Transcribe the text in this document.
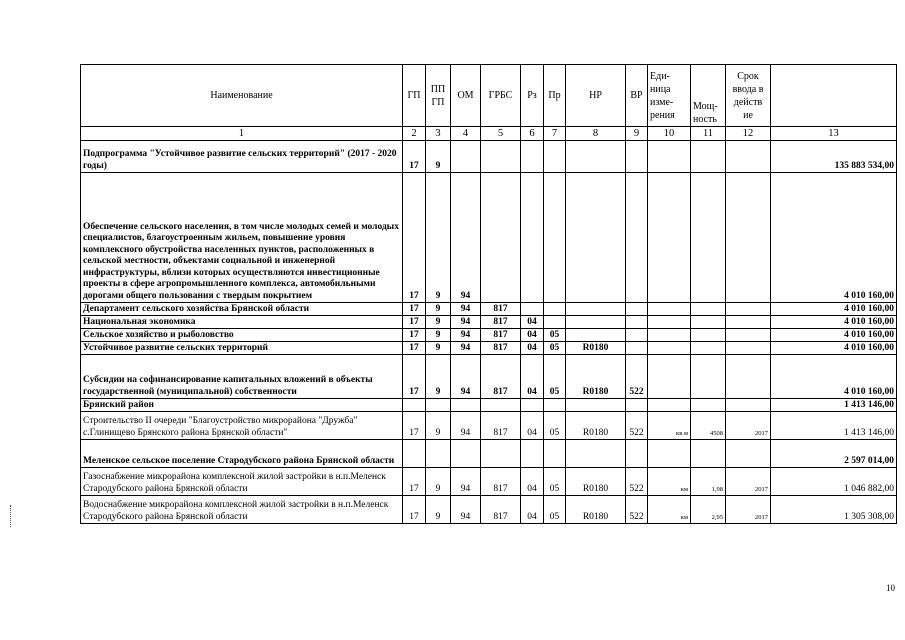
Наименование	ГП	ПП ГП	ОМ	ГРБС	Рз	Пр	НР	ВР	Еди-ница изме-рения	Мощ-ность	Срок ввода в действ ие	
1	2	3	4	5	6	7	8	9	10	11	12	13
Подпрограмма "Устойчивое развитие сельских территорий" (2017 - 2020 годы)	17	9										135 883 534,00
Обеспечение сельского населения, в том числе молодых семей и молодых специалистов, благоустроенным жильем, повышение уровня комплексного обустройства населенных пунктов, расположенных в сельской местности, объектами социальной и инженерной инфраструктуры, вблизи которых осуществляются инвестиционные проекты в сфере агропромышленного комплекса, автомобильными дорогами общего пользования с твердым покрытием	17	9	94									4 010 160,00
Департамент сельского хозяйства Брянской области	17	9	94	817								4 010 160,00
Национальная экономика	17	9	94	817	04							4 010 160,00
Сельское хозяйство и рыболовство	17	9	94	817	04	05						4 010 160,00
Устойчивое развитие сельских территорий	17	9	94	817	04	05	R0180					4 010 160,00
Субсидии на софинансирование капитальных вложений в объекты государственной (муниципальной) собственности	17	9	94	817	04	05	R0180	522				4 010 160,00
Брянский район												1 413 146,00
Строительство II очереди "Благоустройство микрорайона "Дружба" с.Глинищево Брянского района Брянской области"	17	9	94	817	04	05	R0180	522	кв.м	4508	2017	1 413 146,00
Меленское сельское поселение Стародубского района Брянской области												2 597 014,00
Газоснабжение микрорайона комплексной жилой застройки в н.п.Меленск Стародубского района Брянской области	17	9	94	817	04	05	R0180	522	км	1,98	2017	1 046 882,00
Водоснабжение микрорайона комплексной жилой застройки в н.п.Меленск Стародубского района Брянской области	17	9	94	817	04	05	R0180	522	км	2,95	2017	1 305 308,00
10
